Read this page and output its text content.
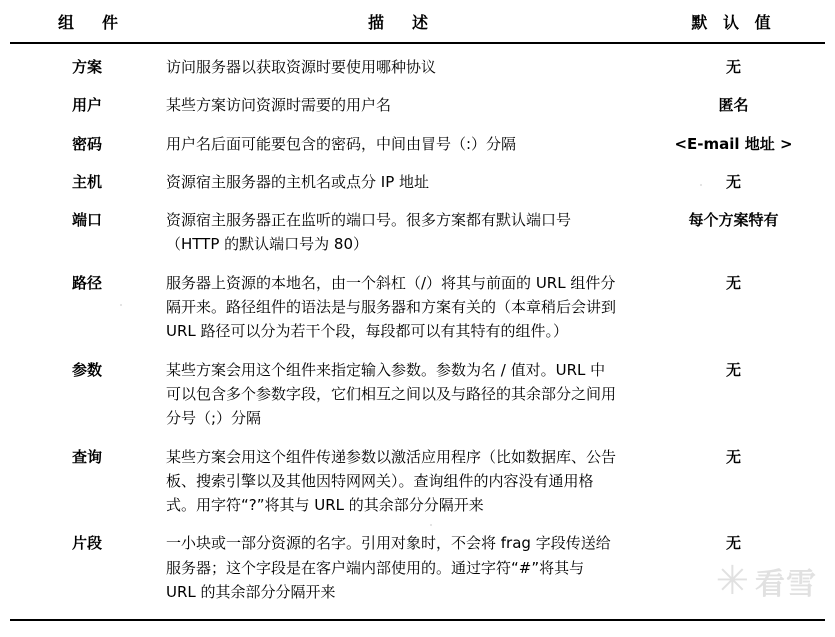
组　件	描　述	默 认 值
方案	访问服务器以获取资源时要使用哪种协议	无
用户	某些方案访问资源时需要的用户名	匿名
密码	用户名后面可能要包含的密码，中间由冒号（:）分隔	<E-mail 地址 >
主机	资源宿主服务器的主机名或点分 IP 地址	无
端口	资源宿主服务器正在监听的端口号。很多方案都有默认端口号（HTTP 的默认端口号为 80）	每个方案特有
路径	服务器上资源的本地名，由一个斜杠（/）将其与前面的 URL 组件分隔开来。路径组件的语法是与服务器和方案有关的（本章稍后会讲到 URL 路径可以分为若干个段，每段都可以有其特有的组件。）	无
参数	某些方案会用这个组件来指定输入参数。参数为名 / 值对。URL 中可以包含多个参数字段，它们相互之间以及与路径的其余部分之间用分号（;）分隔	无
查询	某些方案会用这个组件传递参数以激活应用程序（比如数据库、公告板、搜索引擎以及其他因特网网关）。查询组件的内容没有通用格式。用字符“?”将其与 URL 的其余部分分隔开来	无
片段	一小块或一部分资源的名字。引用对象时，不会将 frag 字段传送给服务器；这个字段是在客户端内部使用的。通过字符“#”将其与 URL 的其余部分分隔开来	无
✳ 看雪
